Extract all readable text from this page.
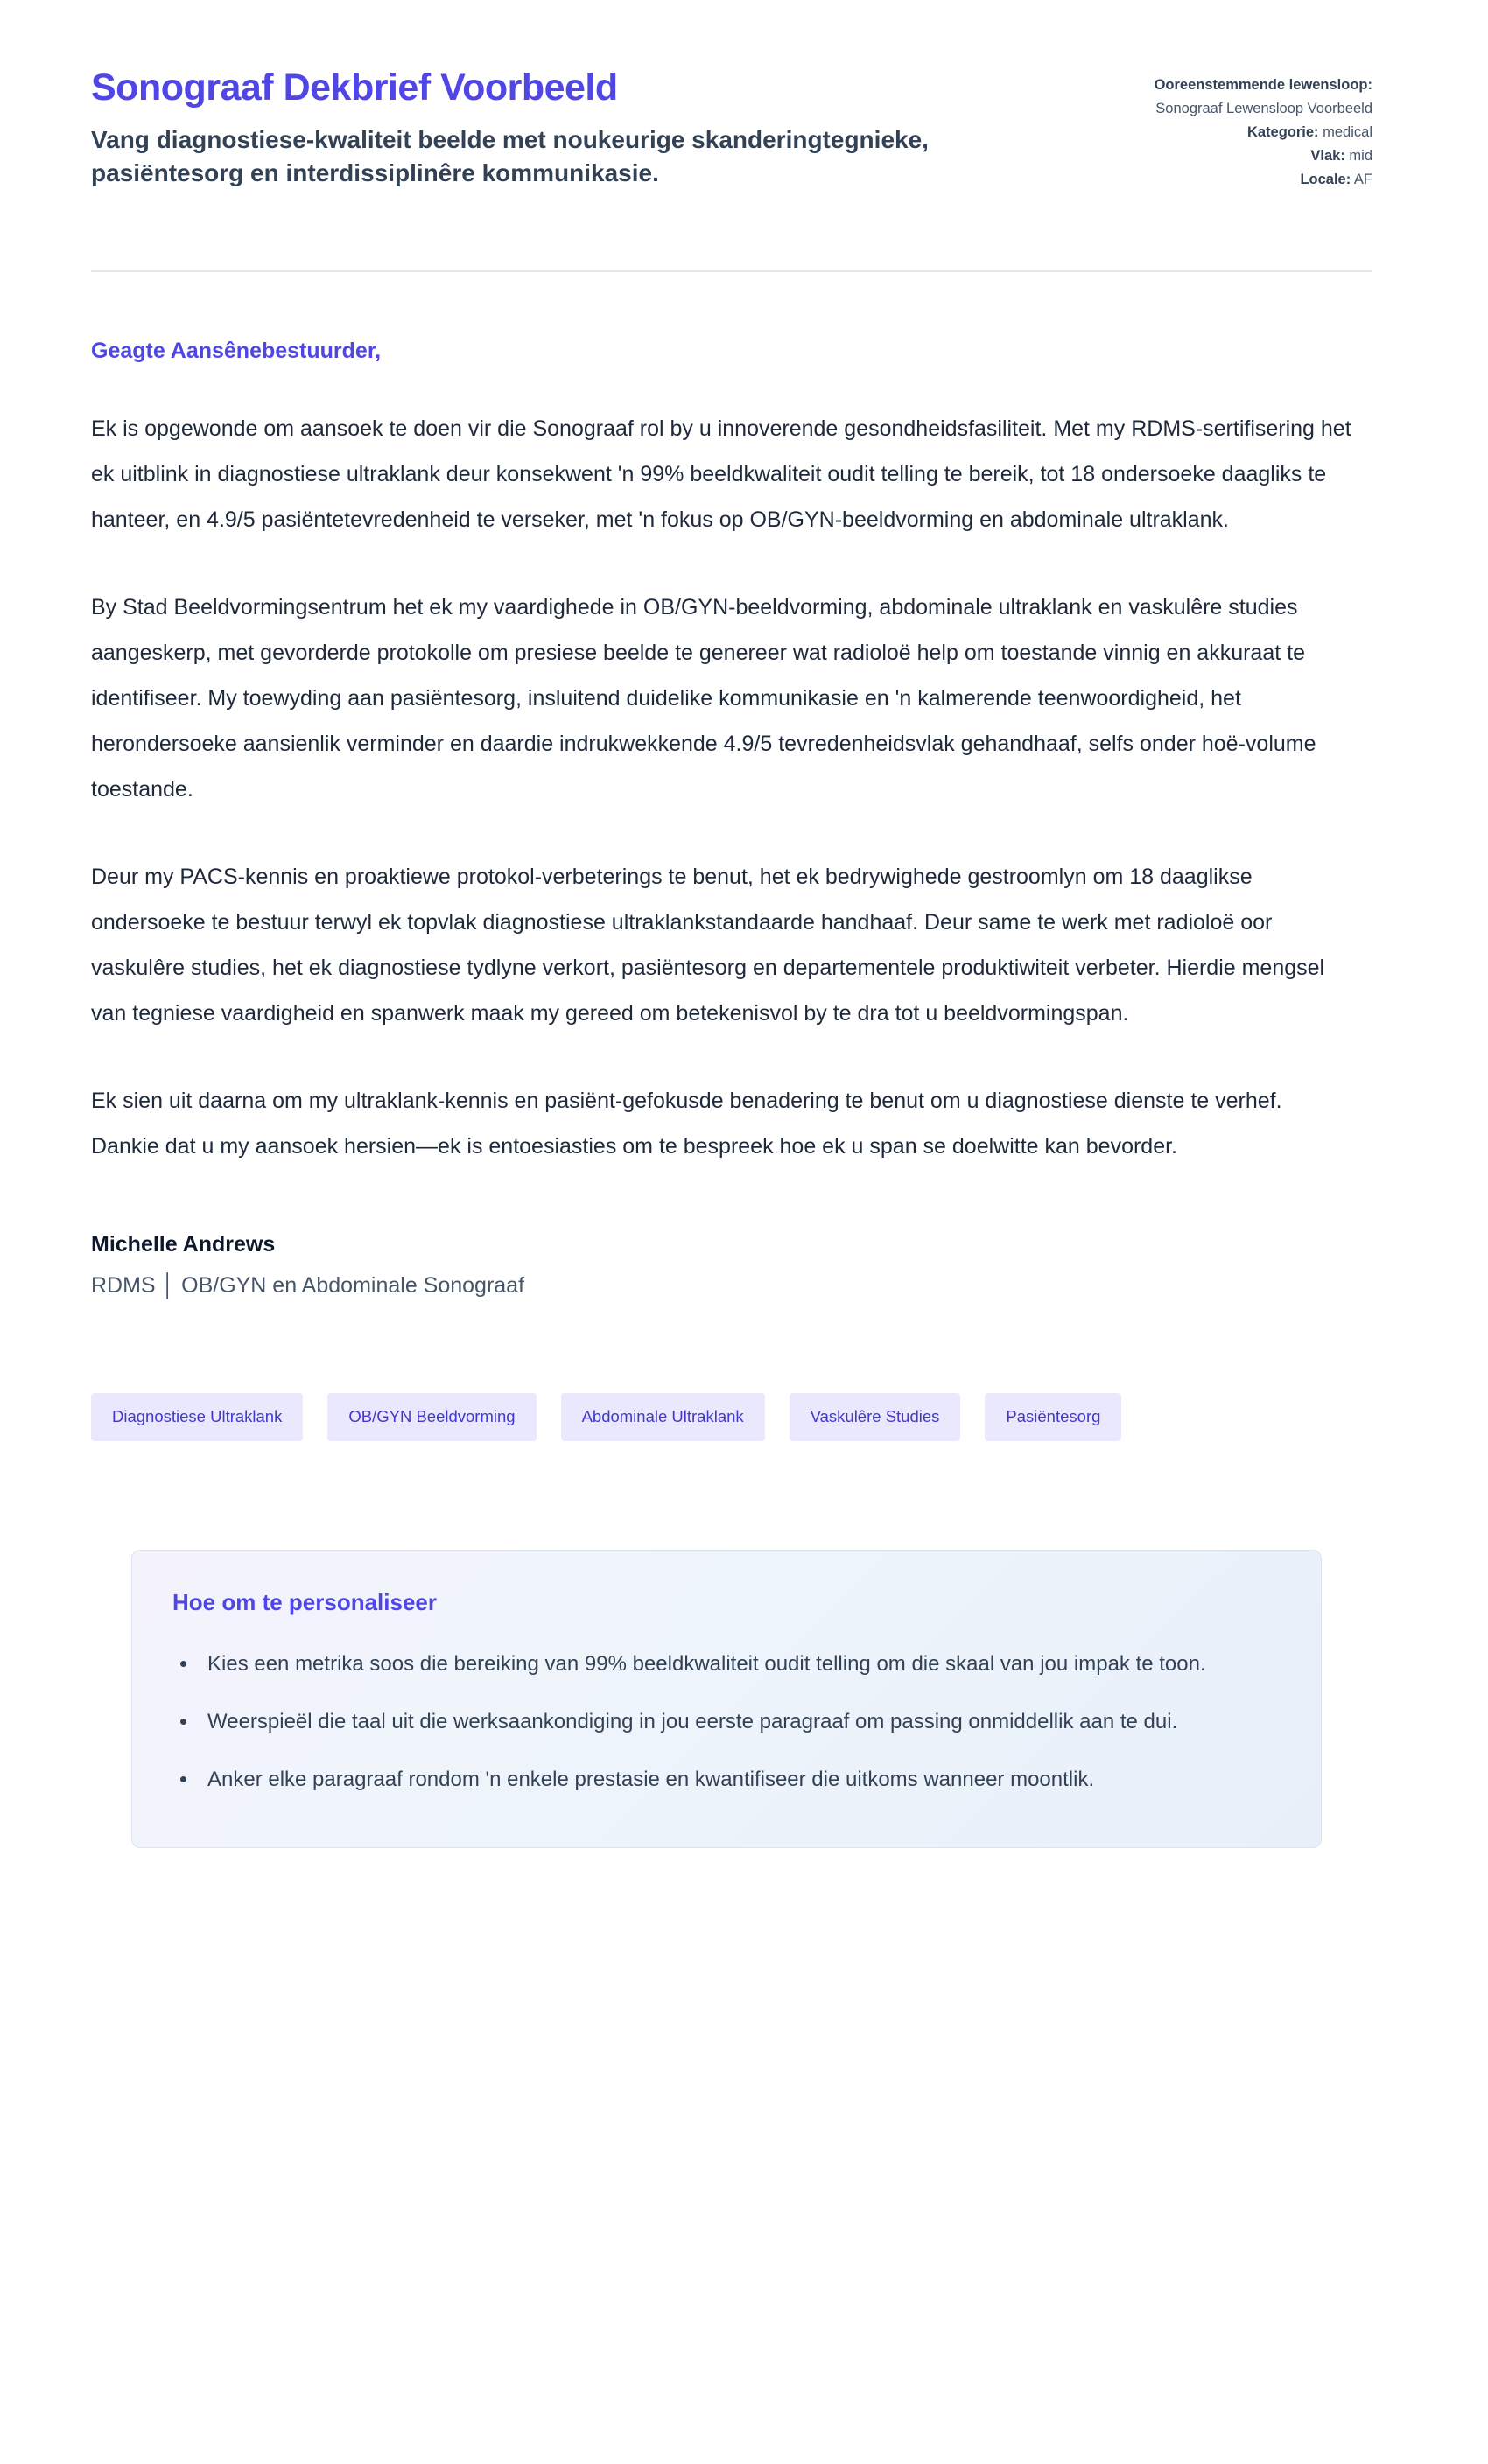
Sonograaf Dekbrief Voorbeeld

Vang diagnostiese-kwaliteit beelde met noukeurige skanderingtegnieke, pasiëntesorg en interdissiplinêre kommunikasie.

Ooreenstemmende lewensloop: Sonograaf Lewensloop Voorbeeld

Kategorie: medical

Vlak: mid

Locale: AF

Geagte Aansênebestuurder,

Ek is opgewonde om aansoek te doen vir die Sonograaf rol by u innoverende gesondheidsfasiliteit. Met my RDMS-sertifisering het ek uitblink in diagnostiese ultraklank deur konsekwent 'n 99% beeldkwaliteit oudit telling te bereik, tot 18 ondersoeke daagliks te hanteer, en 4.9/5 pasiëntetevredenheid te verseker, met 'n fokus op OB/GYN-beeldvorming en abdominale ultraklank.

By Stad Beeldvormingsentrum het ek my vaardighede in OB/GYN-beeldvorming, abdominale ultraklank en vaskulêre studies aangeskerp, met gevorderde protokolle om presiese beelde te genereer wat radioloë help om toestande vinnig en akkuraat te identifiseer. My toewyding aan pasiëntesorg, insluitend duidelike kommunikasie en 'n kalmerende teenwoordigheid, het herondersoeke aansienlik verminder en daardie indrukwekkende 4.9/5 tevredenheidsvlak gehandhaaf, selfs onder hoë-volume toestande.

Deur my PACS-kennis en proaktiewe protokol-verbeterings te benut, het ek bedrywighede gestroomlyn om 18 daaglikse ondersoeke te bestuur terwyl ek topvlak diagnostiese ultraklankstandaarde handhaaf. Deur same te werk met radioloë oor vaskulêre studies, het ek diagnostiese tydlyne verkort, pasiëntesorg en departementele produktiwiteit verbeter. Hierdie mengsel van tegniese vaardigheid en spanwerk maak my gereed om betekenisvol by te dra tot u beeldvormingspan.

Ek sien uit daarna om my ultraklank-kennis en pasiënt-gefokusde benadering te benut om u diagnostiese dienste te verhef. Dankie dat u my aansoek hersien—ek is entoesiasties om te bespreek hoe ek u span se doelwitte kan bevorder.

Michelle Andrews

RDMS │ OB/GYN en Abdominale Sonograaf

Diagnostiese Ultraklank	OB/GYN Beeldvorming	Abdominale Ultraklank	Vaskulêre Studies	Pasiëntesorg
Hoe om te personaliseer
• Kies een metrika soos die bereiking van 99% beeldkwaliteit oudit telling om die skaal van jou impak te toon.
• Weerspieël die taal uit die werksaankondiging in jou eerste paragraaf om passing onmiddellik aan te dui.
• Anker elke paragraaf rondom 'n enkele prestasie en kwantifiseer die uitkoms wanneer moontlik.
